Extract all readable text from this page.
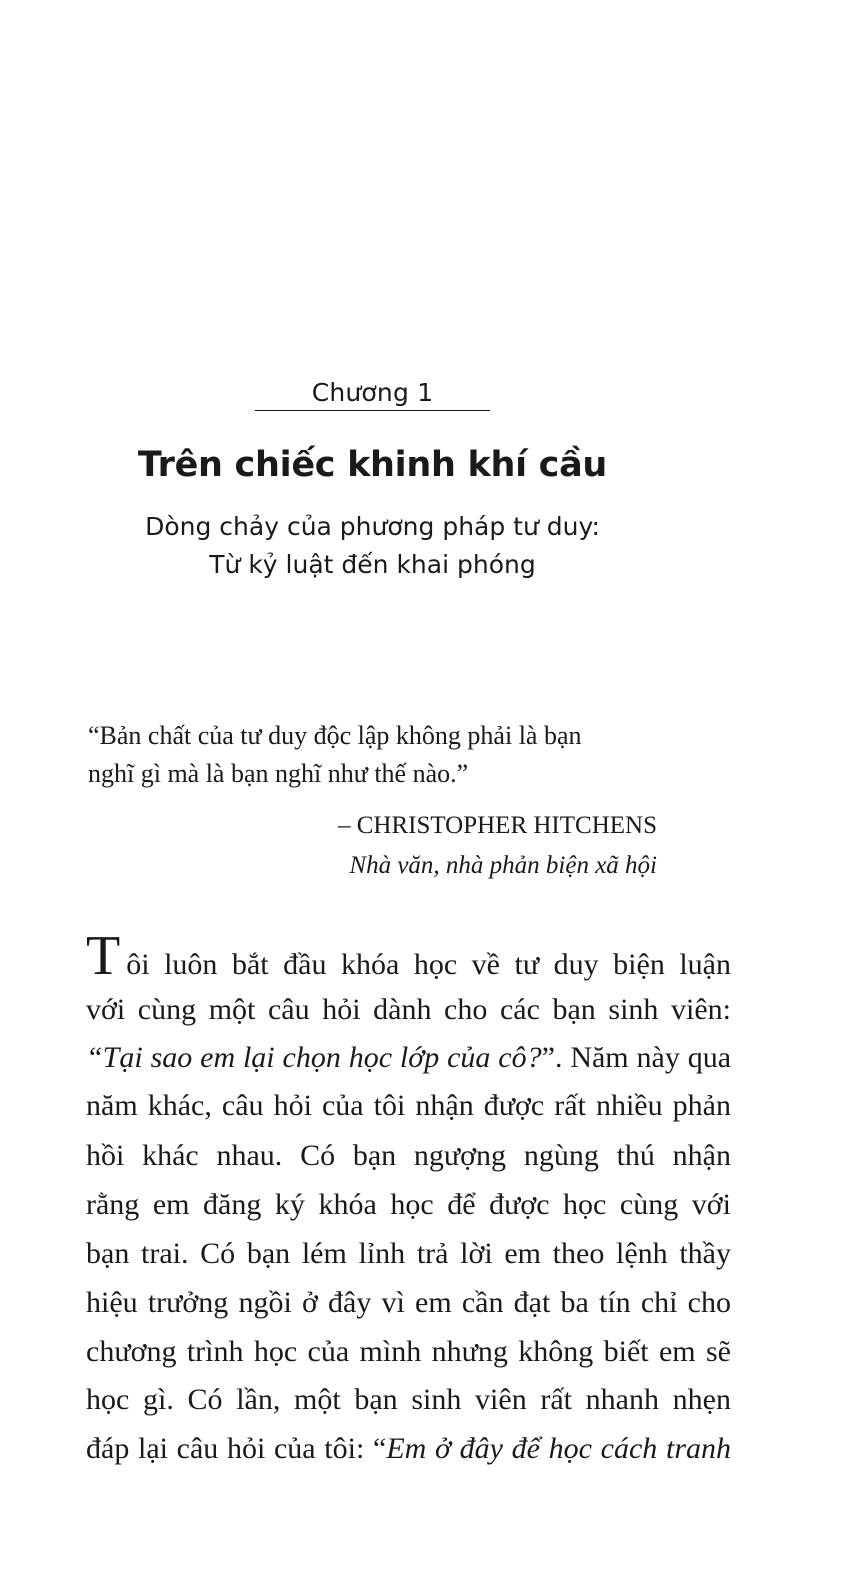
Chương 1
Trên chiếc khinh khí cầu
Dòng chảy của phương pháp tư duy:
Từ kỷ luật đến khai phóng
“Bản chất của tư duy độc lập không phải là bạn
nghĩ gì mà là bạn nghĩ như thế nào.”
– CHRISTOPHER HITCHENS
Nhà văn, nhà phản biện xã hội
Tôi luôn bắt đầu khóa học về tư duy biện luận
với cùng một câu hỏi dành cho các bạn sinh viên:
“Tại sao em lại chọn học lớp của cô?”. Năm này qua
năm khác, câu hỏi của tôi nhận được rất nhiều phản
hồi khác nhau. Có bạn ngượng ngùng thú nhận
rằng em đăng ký khóa học để được học cùng với
bạn trai. Có bạn lém lỉnh trả lời em theo lệnh thầy
hiệu trưởng ngồi ở đây vì em cần đạt ba tín chỉ cho
chương trình học của mình nhưng không biết em sẽ
học gì. Có lần, một bạn sinh viên rất nhanh nhẹn
đáp lại câu hỏi của tôi: “Em ở đây để học cách tranh
